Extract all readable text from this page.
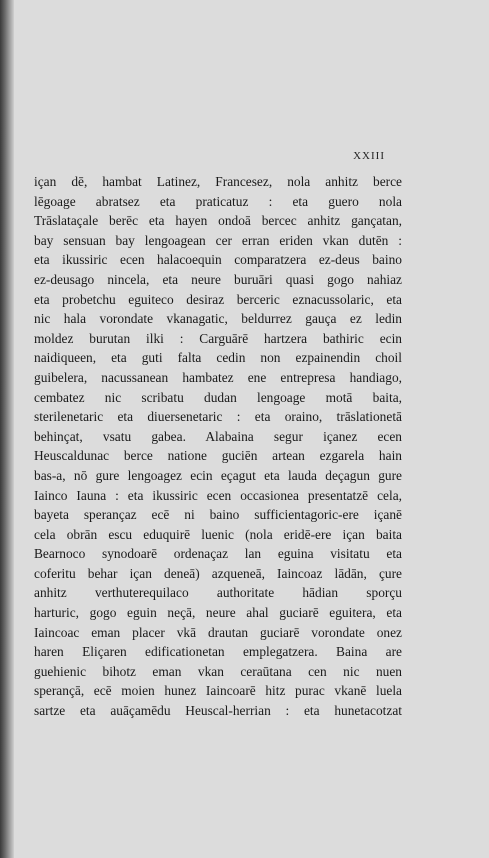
XXIII
içan dē, hambat Latinez, Francesez, nola anhitz berce
lēgoage abratsez eta praticatuz : eta guero nola
Trāslataçale berēc eta hayen ondoā bercec anhitz gançatan,
bay sensuan bay lengoagean cer erran eriden vkan dutēn :
eta ikussiric ecen halacoequin comparatzera ez-deus baino
ez-deusago nincela, eta neure buruāri quasi gogo nahiaz
eta probetchu eguiteco desiraz berceric eznacussolaric, eta
nic hala vorondate vkanagatic, beldurrez gauça ez ledin
moldez burutan ilki : Carguārē hartzera bathiric ecin
naidiqueen, eta guti falta cedin non ezpainendin choil
guibelera, nacussanean hambatez ene entrepresa handiago,
cembatez nic scribatu dudan lengoage motā baita,
sterilenetaric eta diuersenetaric : eta oraino, trāslationetā
behinçat, vsatu gabea. Alabaina segur içanez ecen
Heuscaldunac berce natione guciēn artean ezgarela hain
bas-a, nō gure lengoagez ecin eçagut eta lauda deçagun gure
Iainco Iauna : eta ikussiric ecen occasionea presentatzē cela,
bayeta sperançaz ecē ni baino sufficientagoric-ere içanē
cela obrān escu eduquirē luenic (nola eridē-ere içan baita
Bearnoco synodoarē ordenaçaz lan eguina visitatu eta
coferitu behar içan deneā) azqueneā, Iaincoaz lādān, çure
anhitz verthuterequilaco authoritate hādian sporçu
harturic, gogo eguin neçā, neure ahal guciarē eguitera, eta
Iaincoac eman placer vkā drautan guciarē vorondate onez
haren Eliçaren edificationetan emplegatzera. Baina are
guehienic bihotz eman vkan ceraūtana cen nic nuen
sperançā, ecē moien hunez Iaincoarē hitz purac vkanē luela
sartze eta auāçamēdu Heuscal-herrian : eta hunetacotzat
